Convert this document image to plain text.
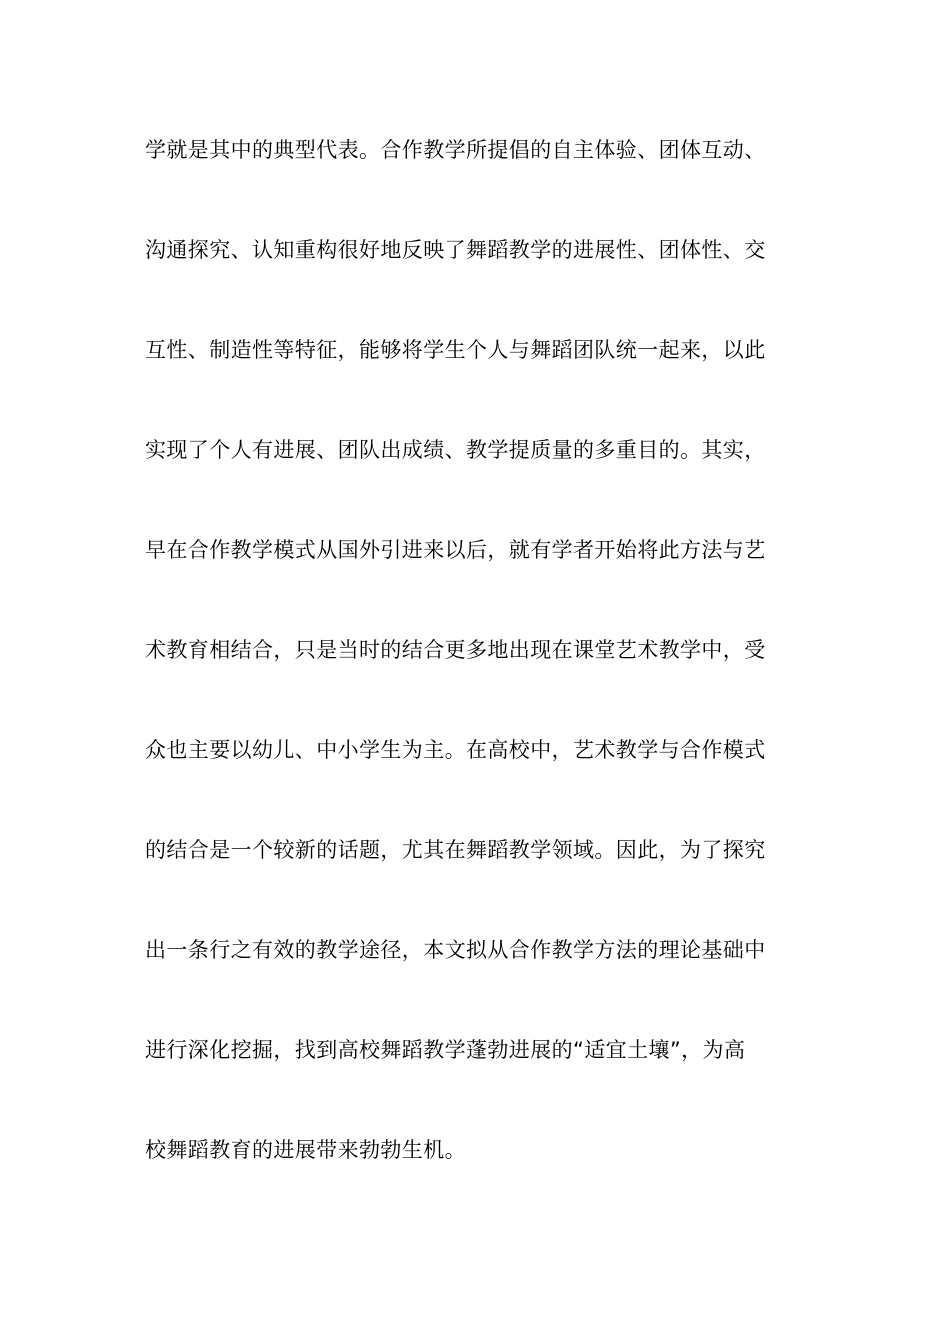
学就是其中的典型代表。合作教学所提倡的自主体验、团体互动、
沟通探究、认知重构很好地反映了舞蹈教学的进展性、团体性、交
互性、制造性等特征，能够将学生个人与舞蹈团队统一起来，以此
实现了个人有进展、团队出成绩、教学提质量的多重目的。其实，
早在合作教学模式从国外引进来以后，就有学者开始将此方法与艺
术教育相结合，只是当时的结合更多地出现在课堂艺术教学中，受
众也主要以幼儿、中小学生为主。在高校中，艺术教学与合作模式
的结合是一个较新的话题，尤其在舞蹈教学领域。因此，为了探究
出一条行之有效的教学途径，本文拟从合作教学方法的理论基础中
进行深化挖掘，找到高校舞蹈教学蓬勃进展的“适宜土壤”，为高
校舞蹈教育的进展带来勃勃生机。
